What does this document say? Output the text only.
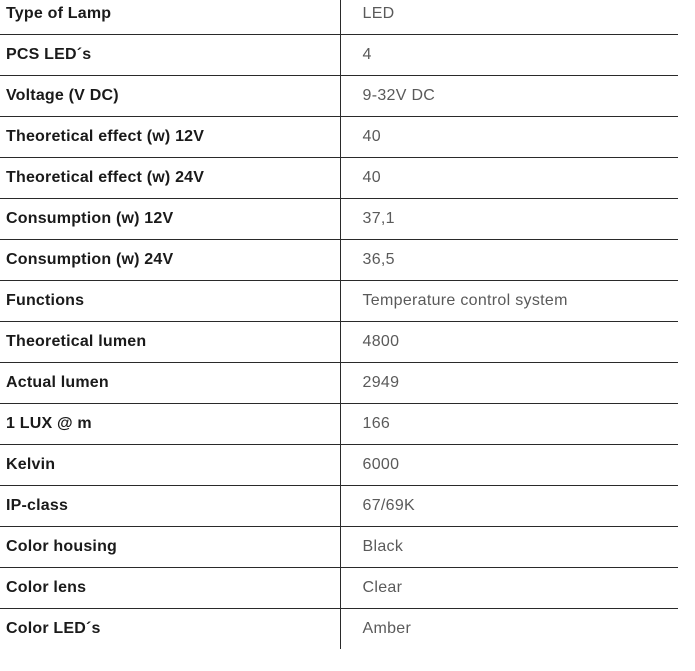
Type of Lamp	LED
PCS LED´s	4
Voltage (V DC)	9-32V DC
Theoretical effect (w) 12V	40
Theoretical effect (w) 24V	40
Consumption (w) 12V	37,1
Consumption (w) 24V	36,5
Functions	Temperature control system
Theoretical lumen	4800
Actual lumen	2949
1 LUX @ m	166
Kelvin	6000
IP-class	67/69K
Color housing	Black
Color lens	Clear
Color LED´s	Amber
